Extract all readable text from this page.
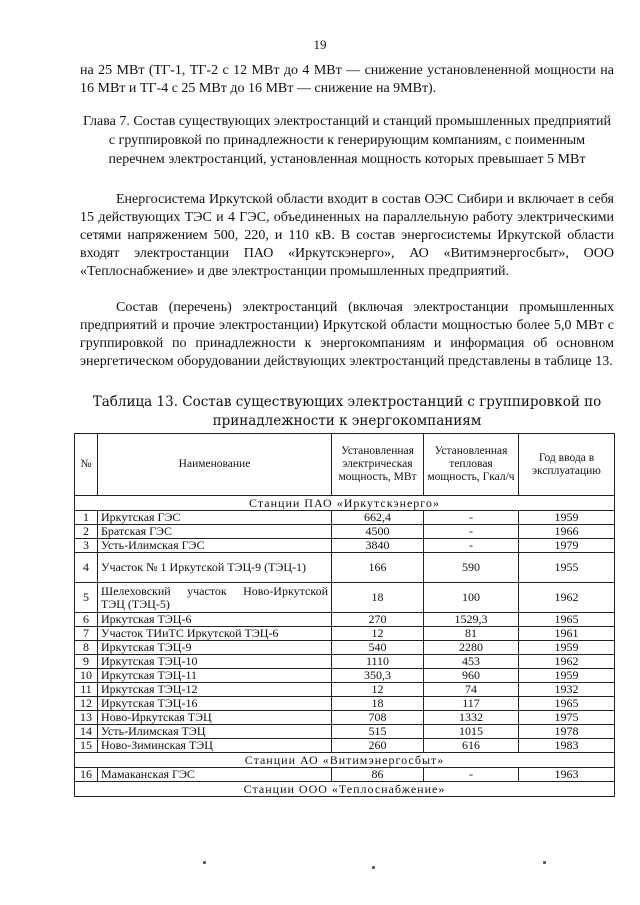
19
на 25 МВт (ТГ-1, ТГ-2 с 12 МВт до 4 МВт — снижение установлененной мощности на 16 МВт и ТГ-4 с 25 МВт до 16 МВт — снижение на 9МВт).
Глава 7. Состав существующих электростанций и станций промышленных предприятий с группировкой по принадлежности к генерирующим компаниям, с поименным перечнем электростанций, установленная мощность которых превышает 5 МВт
Енергосистема Иркутской области входит в состав ОЭС Сибири и включает в себя 15 действующих ТЭС и 4 ГЭС, объединенных на параллельную работу электрическими сетями напряжением 500, 220, и 110 кВ. В состав энергосистемы Иркутской области входят электростанции ПАО «Иркутскэнерго», АО «Витимэнергосбыт», ООО «Теплоснабжение» и две электростанции промышленных предприятий.
Состав (перечень) электростанций (включая электростанции промышленных предприятий и прочие электростанции) Иркутской области мощностью более 5,0 МВт с группировкой по принадлежности к энергокомпаниям и информация об основном энергетическом оборудовании действующих электростанций представлены в таблице 13.
Таблица 13. Состав существующих электростанций с группировкой по принадлежности к энергокомпаниям
№	Наименование	Установленная электрическая мощность, МВт	Установленная тепловая мощность, Гкал/ч	Год ввода в эксплуатацию
Станции ПАО «Иркутскэнерго»				
1	Иркутская ГЭС	662,4	-	1959
2	Братская ГЭС	4500	-	1966
3	Усть-Илимская ГЭС	3840	-	1979
4	Участок № 1 Иркутской ТЭЦ-9 (ТЭЦ-1)	166	590	1955
5	Шелеховский участок Ново-Иркутской ТЭЦ (ТЭЦ-5)	18	100	1962
6	Иркутская ТЭЦ-6	270	1529,3	1965
7	Участок ТИиТС Иркутской ТЭЦ-6	12	81	1961
8	Иркутская ТЭЦ-9	540	2280	1959
9	Иркутская ТЭЦ-10	1110	453	1962
10	Иркутская ТЭЦ-11	350,3	960	1959
11	Иркутская ТЭЦ-12	12	74	1932
12	Иркутская ТЭЦ-16	18	117	1965
13	Ново-Иркутская ТЭЦ	708	1332	1975
14	Усть-Илимская ТЭЦ	515	1015	1978
15	Ново-Зиминская ТЭЦ	260	616	1983
Станции АО «Витимэнергосбыт»				
16	Мамаканская ГЭС	86	-	1963
Станции ООО «Теплоснабжение»				
